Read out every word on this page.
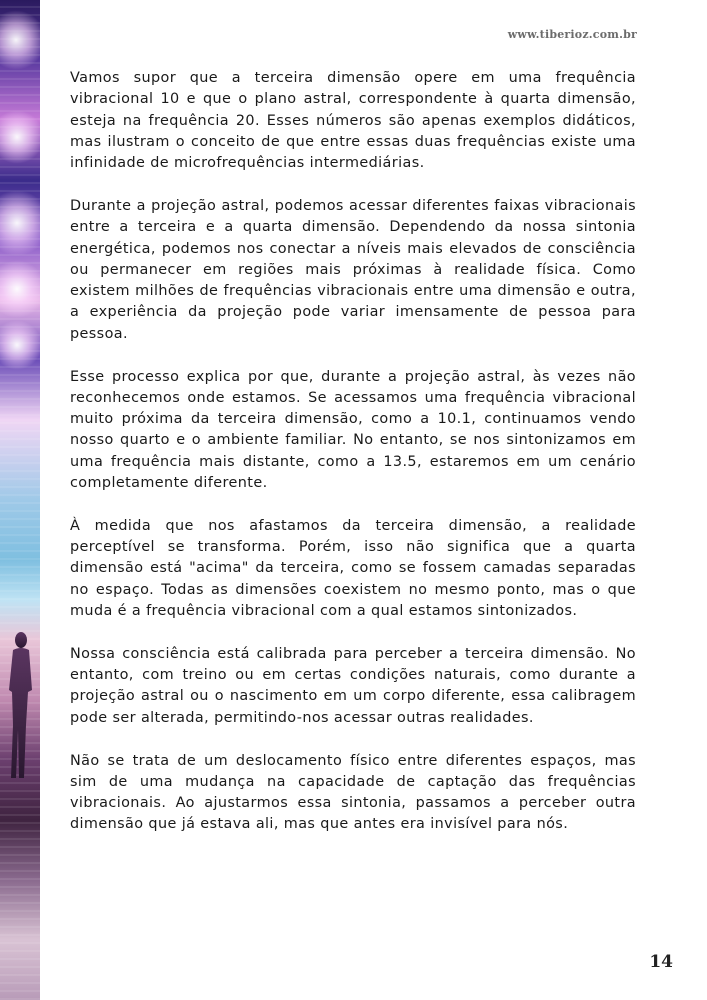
www.tiberioz.com.br

Vamos supor que a terceira dimensão opere em uma frequência vibracional 10 e que o plano astral, correspondente à quarta dimensão, esteja na frequência 20. Esses números são apenas exemplos didáticos, mas ilustram o conceito de que entre essas duas frequências existe uma infinidade de microfrequências intermediárias.

Durante a projeção astral, podemos acessar diferentes faixas vibracionais entre a terceira e a quarta dimensão. Dependendo da nossa sintonia energética, podemos nos conectar a níveis mais elevados de consciência ou permanecer em regiões mais próximas à realidade física. Como existem milhões de frequências vibracionais entre uma dimensão e outra, a experiência da projeção pode variar imensamente de pessoa para pessoa.

Esse processo explica por que, durante a projeção astral, às vezes não reconhecemos onde estamos. Se acessamos uma frequência vibracional muito próxima da terceira dimensão, como a 10.1, continuamos vendo nosso quarto e o ambiente familiar. No entanto, se nos sintonizamos em uma frequência mais distante, como a 13.5, estaremos em um cenário completamente diferente.

À medida que nos afastamos da terceira dimensão, a realidade perceptível se transforma. Porém, isso não significa que a quarta dimensão está "acima" da terceira, como se fossem camadas separadas no espaço. Todas as dimensões coexistem no mesmo ponto, mas o que muda é a frequência vibracional com a qual estamos sintonizados.

Nossa consciência está calibrada para perceber a terceira dimensão. No entanto, com treino ou em certas condições naturais, como durante a projeção astral ou o nascimento em um corpo diferente, essa calibragem pode ser alterada, permitindo-nos acessar outras realidades.

Não se trata de um deslocamento físico entre diferentes espaços, mas sim de uma mudança na capacidade de captação das frequências vibracionais. Ao ajustarmos essa sintonia, passamos a perceber outra dimensão que já estava ali, mas que antes era invisível para nós.

14
